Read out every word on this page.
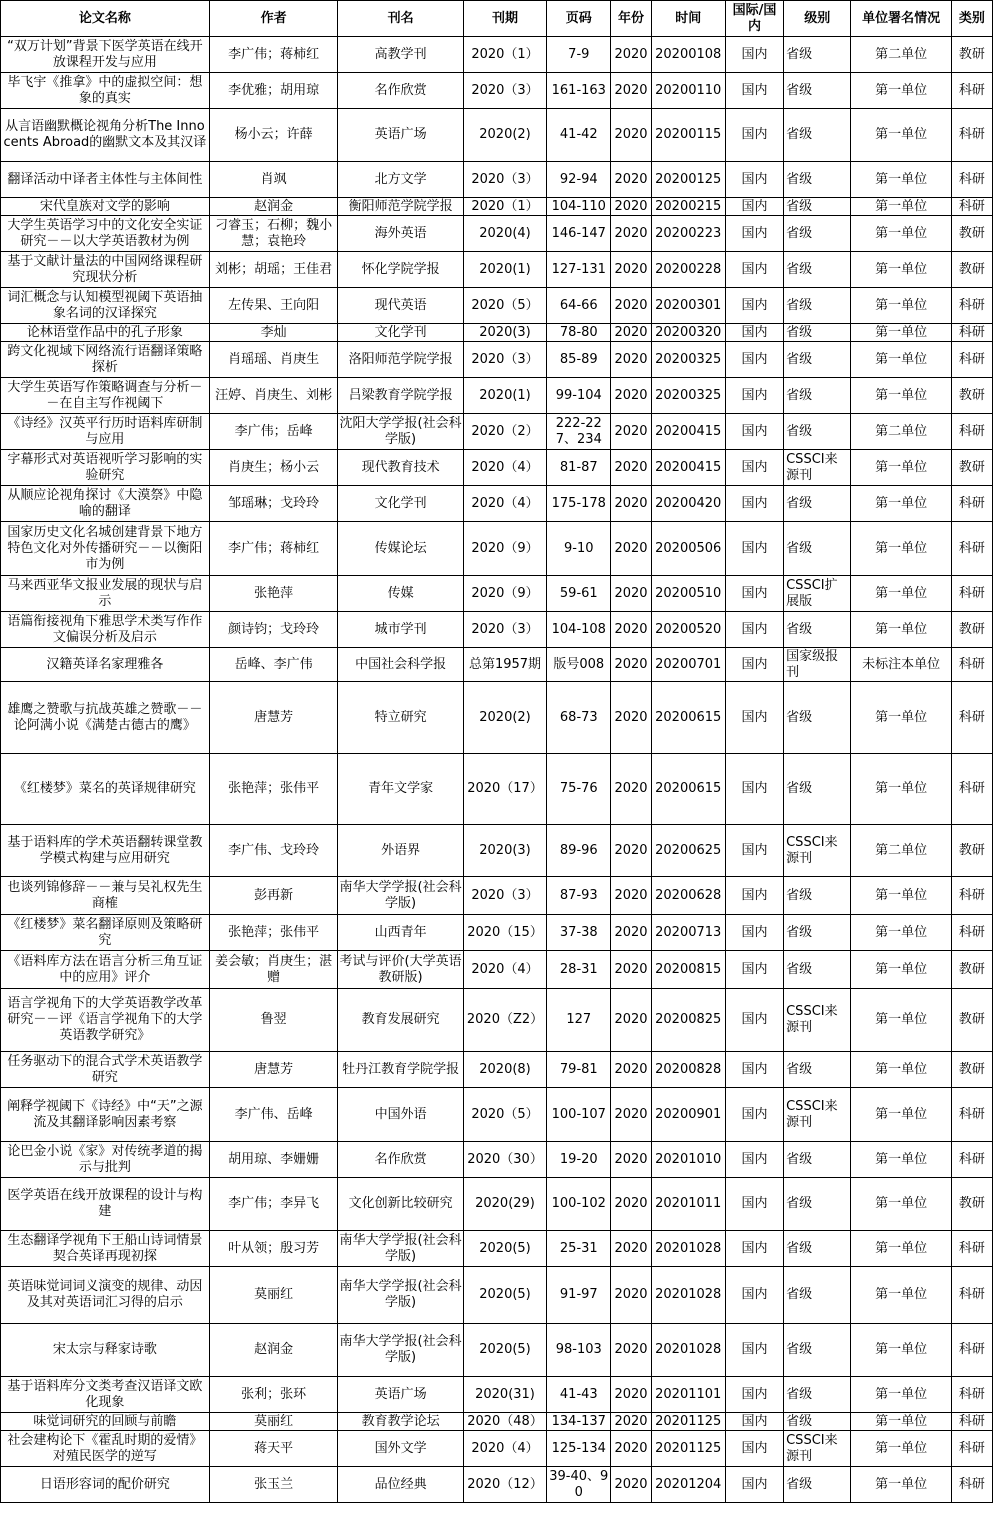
论文名称	作者	刊名	刊期	页码	年份	时间	国际/国内	级别	单位署名情况	类别
“双万计划”背景下医学英语在线开放课程开发与应用	李广伟；蒋柿红	高教学刊	2020（1）	7-9	2020	20200108	国内	省级	第二单位	教研
毕飞宇《推拿》中的虚拟空间：想象的真实	李优雅；胡用琼	名作欣赏	2020（3）	161-163	2020	20200110	国内	省级	第一单位	科研
从言语幽默概论视角分析The Innocents Abroad的幽默文本及其汉译	杨小云；许薛	英语广场	2020(2)	41-42	2020	20200115	国内	省级	第一单位	科研
翻译活动中译者主体性与主体间性	肖飒	北方文学	2020（3）	92-94	2020	20200125	国内	省级	第一单位	科研
宋代皇族对文学的影响	赵润金	衡阳师范学院学报	2020（1）	104-110	2020	20200215	国内	省级	第一单位	科研
大学生英语学习中的文化安全实证研究－－以大学英语教材为例	刁睿玉；石柳；魏小慧；袁艳玲	海外英语	2020(4)	146-147	2020	20200223	国内	省级	第一单位	教研
基于文献计量法的中国网络课程研究现状分析	刘彬；胡瑶；王佳君	怀化学院学报	2020(1)	127-131	2020	20200228	国内	省级	第一单位	教研
词汇概念与认知模型视阈下英语抽象名词的汉译探究	左传果、王向阳	现代英语	2020（5）	64-66	2020	20200301	国内	省级	第一单位	科研
论林语堂作品中的孔子形象	李灿	文化学刊	2020(3)	78-80	2020	20200320	国内	省级	第一单位	科研
跨文化视域下网络流行语翻译策略探析	肖瑶瑶、肖庚生	洛阳师范学院学报	2020（3）	85-89	2020	20200325	国内	省级	第一单位	科研
大学生英语写作策略调查与分析－－在自主写作视阈下	汪婷、肖庚生、刘彬	吕梁教育学院学报	2020(1)	99-104	2020	20200325	国内	省级	第一单位	教研
《诗经》汉英平行历时语料库研制与应用	李广伟；岳峰	沈阳大学学报(社会科学版)	2020（2）	222-227、234	2020	20200415	国内	省级	第二单位	科研
字幕形式对英语视听学习影响的实验研究	肖庚生；杨小云	现代教育技术	2020（4）	81-87	2020	20200415	国内	CSSCI来源刊	第一单位	教研
从顺应论视角探讨《大漠祭》中隐喻的翻译	邹瑶琳；戈玲玲	文化学刊	2020（4）	175-178	2020	20200420	国内	省级	第一单位	科研
国家历史文化名城创建背景下地方特色文化对外传播研究－－以衡阳市为例	李广伟；蒋柿红	传媒论坛	2020（9）	9-10	2020	20200506	国内	省级	第一单位	科研
马来西亚华文报业发展的现状与启示	张艳萍	传媒	2020（9）	59-61	2020	20200510	国内	CSSCI扩展版	第一单位	科研
语篇衔接视角下雅思学术类写作作文偏误分析及启示	颜诗钧；戈玲玲	城市学刊	2020（3）	104-108	2020	20200520	国内	省级	第一单位	教研
汉籍英译名家理雅各	岳峰、李广伟	中国社会科学报	总第1957期	版号008	2020	20200701	国内	国家级报刊	未标注本单位	科研
雄鹰之赞歌与抗战英雄之赞歌－－论阿满小说《满楚古德古的鹰》	唐慧芳	特立研究	2020(2)	68-73	2020	20200615	国内	省级	第一单位	科研
《红楼梦》菜名的英译规律研究	张艳萍；张伟平	青年文学家	2020（17）	75-76	2020	20200615	国内	省级	第一单位	科研
基于语料库的学术英语翻转课堂教学模式构建与应用研究	李广伟、戈玲玲	外语界	2020(3)	89-96	2020	20200625	国内	CSSCI来源刊	第二单位	教研
也谈列锦修辞－－兼与吴礼权先生商榷	彭再新	南华大学学报(社会科学版)	2020（3）	87-93	2020	20200628	国内	省级	第一单位	科研
《红楼梦》菜名翻译原则及策略研究	张艳萍；张伟平	山西青年	2020（15）	37-38	2020	20200713	国内	省级	第一单位	科研
《语料库方法在语言分析三角互证中的应用》评介	姜会敏；肖庚生；湛赠	考试与评价(大学英语教研版)	2020（4）	28-31	2020	20200815	国内	省级	第一单位	教研
语言学视角下的大学英语教学改革研究－－评《语言学视角下的大学英语教学研究》	鲁翌	教育发展研究	2020（Z2）	127	2020	20200825	国内	CSSCI来源刊	第一单位	教研
任务驱动下的混合式学术英语教学研究	唐慧芳	牡丹江教育学院学报	2020(8)	79-81	2020	20200828	国内	省级	第一单位	教研
阐释学视阈下《诗经》中“天”之源流及其翻译影响因素考察	李广伟、岳峰	中国外语	2020（5）	100-107	2020	20200901	国内	CSSCI来源刊	第一单位	科研
论巴金小说《家》对传统孝道的揭示与批判	胡用琼、李姗姗	名作欣赏	2020（30）	19-20	2020	20201010	国内	省级	第一单位	科研
医学英语在线开放课程的设计与构建	李广伟；李异飞	文化创新比较研究	2020(29)	100-102	2020	20201011	国内	省级	第一单位	教研
生态翻译学视角下王船山诗词情景契合英译再现初探	叶从领；殷习芳	南华大学学报(社会科学版)	2020(5)	25-31	2020	20201028	国内	省级	第一单位	科研
英语味觉词词义演变的规律、动因及其对英语词汇习得的启示	莫丽红	南华大学学报(社会科学版)	2020(5)	91-97	2020	20201028	国内	省级	第一单位	科研
宋太宗与释家诗歌	赵润金	南华大学学报(社会科学版)	2020(5)	98-103	2020	20201028	国内	省级	第一单位	科研
基于语料库分文类考查汉语译文欧化现象	张利；张环	英语广场	2020(31)	41-43	2020	20201101	国内	省级	第一单位	科研
味觉词研究的回顾与前瞻	莫丽红	教育教学论坛	2020（48）	134-137	2020	20201125	国内	省级	第一单位	科研
社会建构论下《霍乱时期的爱情》对殖民医学的逆写	蒋天平	国外文学	2020（4）	125-134	2020	20201125	国内	CSSCI来源刊	第一单位	科研
日语形容词的配价研究	张玉兰	品位经典	2020（12）	39-40、90	2020	20201204	国内	省级	第一单位	科研
